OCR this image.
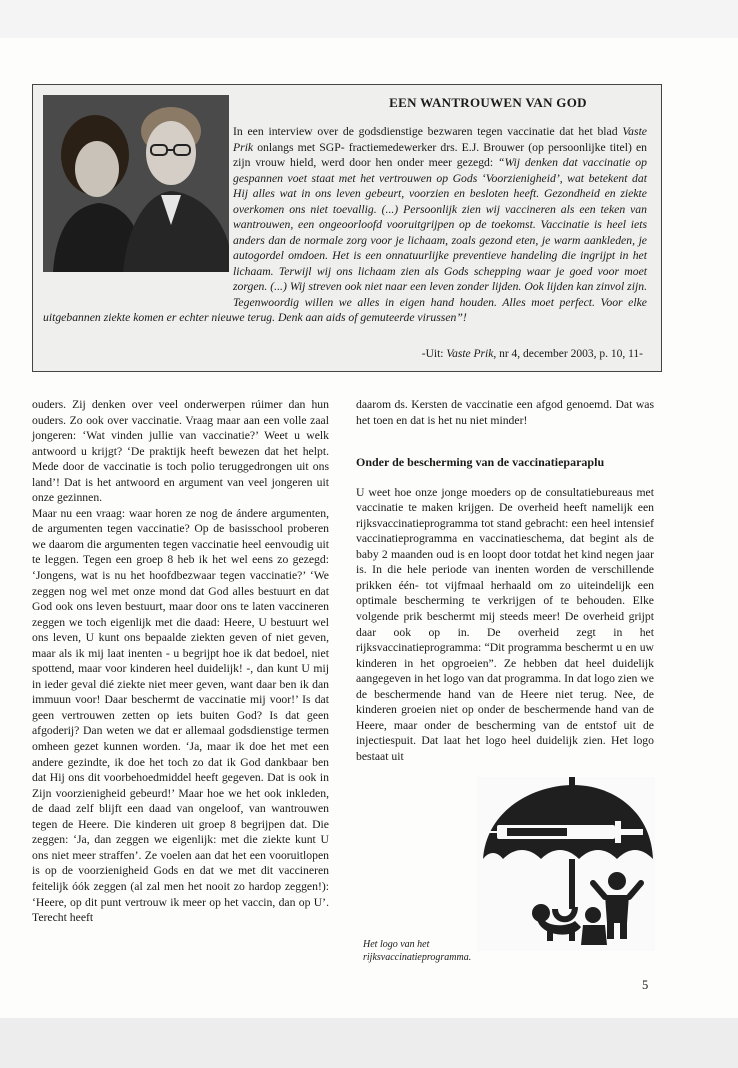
EEN WANTROUWEN VAN GOD

In een interview over de godsdienstige bezwaren tegen vaccinatie dat het blad Vaste Prik onlangs met SGP- fractiemedewerker drs. E.J. Brouwer (op persoonlijke titel) en zijn vrouw hield, werd door hen onder meer gezegd: “Wij denken dat vaccinatie op gespannen voet staat met het vertrouwen op Gods ‘Voorzienigheid’, wat betekent dat Hij alles wat in ons leven gebeurt, voorzien en besloten heeft. Gezondheid en ziekte overkomen ons niet toevallig. (...) Persoonlijk zien wij vaccineren als een teken van wantrouwen, een ongeoorloofd vooruitgrijpen op de toekomst. Vaccinatie is heel iets anders dan de normale zorg voor je lichaam, zoals gezond eten, je warm aankleden, je autogordel omdoen. Het is een onnatuurlijke preventieve handeling die ingrijpt in het lichaam. Terwijl wij ons lichaam zien als Gods schepping waar je goed voor moet zorgen. (...) Wij streven ook niet naar een leven zonder lijden. Ook lijden kan zinvol zijn. Tegenwoordig willen we alles in eigen hand houden. Alles moet perfect. Voor elke uitgebannen ziekte komen er echter nieuwe terug. Denk aan aids of gemuteerde virussen”!

-Uit: Vaste Prik, nr 4, december 2003, p. 10, 11-

ouders. Zij denken over veel onderwerpen rúimer dan hun ouders. Zo ook over vaccinatie. Vraag maar aan een volle zaal jongeren: ‘Wat vinden jullie van vaccinatie?’ Weet u welk antwoord u krijgt? ‘De praktijk heeft bewezen dat het helpt. Mede door de vaccinatie is toch polio teruggedrongen uit ons land’! Dat is het antwoord en argument van veel jongeren uit onze gezinnen.

Maar nu een vraag: waar horen ze nog de ándere argumenten, de argumenten tegen vaccinatie? Op de basisschool proberen we daarom die argumenten tegen vaccinatie heel eenvoudig uit te leggen. Tegen een groep 8 heb ik het wel eens zo gezegd: ‘Jongens, wat is nu het hoofdbezwaar tegen vaccinatie?’ ‘We zeggen nog wel met onze mond dat God alles bestuurt en dat God ook ons leven bestuurt, maar door ons te laten vaccineren zeggen we toch eigenlijk met die daad: Heere, U bestuurt wel ons leven, U kunt ons bepaalde ziekten geven of niet geven, maar als ik mij laat inenten - u begrijpt hoe ik dat bedoel, niet spottend, maar voor kinderen heel duidelijk! -, dan kunt U mij in ieder geval dié ziekte niet meer geven, want daar ben ik dan immuun voor! Daar beschermt de vaccinatie mij voor!’ Is dat geen vertrouwen zetten op iets buiten God? Is dat geen afgoderij? Dan weten we dat er allemaal godsdienstige termen omheen gezet kunnen worden. ‘Ja, maar ik doe het met een andere gezindte, ik doe het toch zo dat ik God dankbaar ben dat Hij ons dit voorbehoedmiddel heeft gegeven. Dat is ook in Zijn voorzienigheid gebeurd!’ Maar hoe we het ook inkleden, de daad zelf blijft een daad van ongeloof, van wantrouwen tegen de Heere. Die kinderen uit groep 8 begrijpen dat. Die zeggen: ‘Ja, dan zeggen we eigenlijk: met die ziekte kunt U ons niet meer straffen’. Ze voelen aan dat het een vooruitlopen is op de voorzienigheid Gods en dat we met dit vaccineren feitelijk óók zeggen (al zal men het nooit zo hardop zeggen!): ‘Heere, op dit punt vertrouw ik meer op het vaccin, dan op U’. Terecht heeft

daarom ds. Kersten de vaccinatie een afgod genoemd. Dat was het toen en dat is het nu niet minder!

Onder de bescherming van de vaccinatieparaplu

U weet hoe onze jonge moeders op de consultatiebureaus met vaccinatie te maken krijgen. De overheid heeft namelijk een rijksvaccinatieprogramma tot stand gebracht: een heel intensief vaccinatieprogramma en vaccinatieschema, dat begint als de baby 2 maanden oud is en loopt door totdat het kind negen jaar is. In die hele periode van inenten worden de verschillende prikken één- tot vijfmaal herhaald om zo uiteindelijk een optimale bescherming te verkrijgen of te behouden. Elke volgende prik beschermt mij steeds meer! De overheid grijpt daar ook op in. De overheid zegt in het rijksvaccinatieprogramma: “Dit programma beschermt u en uw kinderen in het opgroeien”. Ze hebben dat heel duidelijk aangegeven in het logo van dat programma. In dat logo zien we de beschermende hand van de Heere niet terug. Nee, de kinderen groeien niet op onder de beschermende hand van de Heere, maar onder de bescherming van de entstof uit de injectiespuit. Dat laat het logo heel duidelijk zien. Het logo bestaat uit

Het logo van het rijksvaccinatieprogramma.

5
